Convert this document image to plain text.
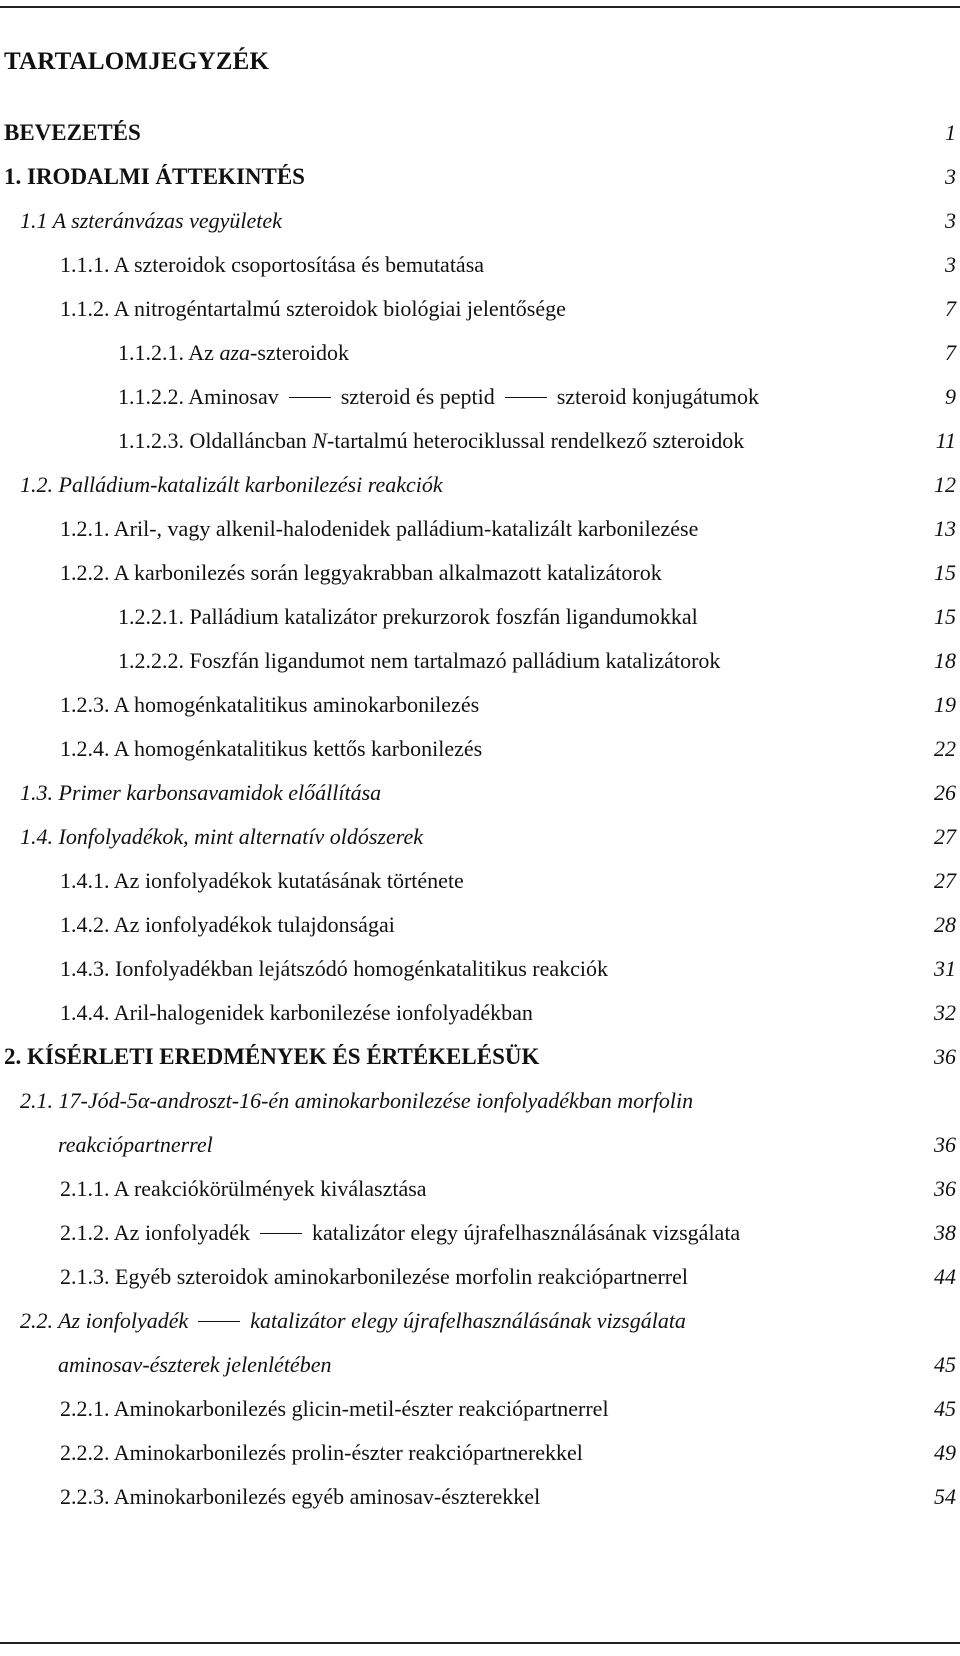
TARTALOMJEGYZÉK
BEVEZETÉS	1
1. IRODALMI ÁTTEKINTÉS	3
1.1 A szteránvázas vegyületek	3
1.1.1. A szteroidok csoportosítása és bemutatása	3
1.1.2. A nitrogéntartalmú szteroidok biológiai jelentősége	7
1.1.2.1. Az aza-szteroidok	7
1.1.2.2. Aminosav	szteroid és peptid	szteroid konjugátumok	9
1.1.2.3. Oldalláncban N-tartalmú heterociklussal rendelkező szteroidok	11
1.2. Palládium-katalizált karbonilezési reakciók	12
1.2.1. Aril-, vagy alkenil-halodenidek palládium-katalizált karbonilezése	13
1.2.2. A karbonilezés során leggyakrabban alkalmazott katalizátorok	15
1.2.2.1. Palládium katalizátor prekurzorok foszfán ligandumokkal	15
1.2.2.2. Foszfán ligandumot nem tartalmazó palládium katalizátorok	18
1.2.3. A homogénkatalitikus aminokarbonilezés	19
1.2.4. A homogénkatalitikus kettős karbonilezés	22
1.3. Primer karbonsavamidok előállítása	26
1.4. Ionfolyadékok, mint alternatív oldószerek	27
1.4.1. Az ionfolyadékok kutatásának története	27
1.4.2. Az ionfolyadékok tulajdonságai	28
1.4.3. Ionfolyadékban lejátszódó homogénkatalitikus reakciók	31
1.4.4. Aril-halogenidek karbonilezése ionfolyadékban	32
2. KÍSÉRLETI EREDMÉNYEK ÉS ÉRTÉKELÉSÜK	36
2.1. 17-Jód-5α-androszt-16-én aminokarbonilezése ionfolyadékban morfolin
reakciópartnerrel	36
2.1.1. A reakciókörülmények kiválasztása	36
2.1.2. Az ionfolyadék	katalizátor elegy újrafelhasználásának vizsgálata	38
2.1.3. Egyéb szteroidok aminokarbonilezése morfolin reakciópartnerrel	44
2.2. Az ionfolyadék	katalizátor elegy újrafelhasználásának vizsgálata
aminosav-észterek jelenlétében	45
2.2.1. Aminokarbonilezés glicin-metil-észter reakciópartnerrel	45
2.2.2. Aminokarbonilezés prolin-észter reakciópartnerekkel	49
2.2.3. Aminokarbonilezés egyéb aminosav-észterekkel	54
